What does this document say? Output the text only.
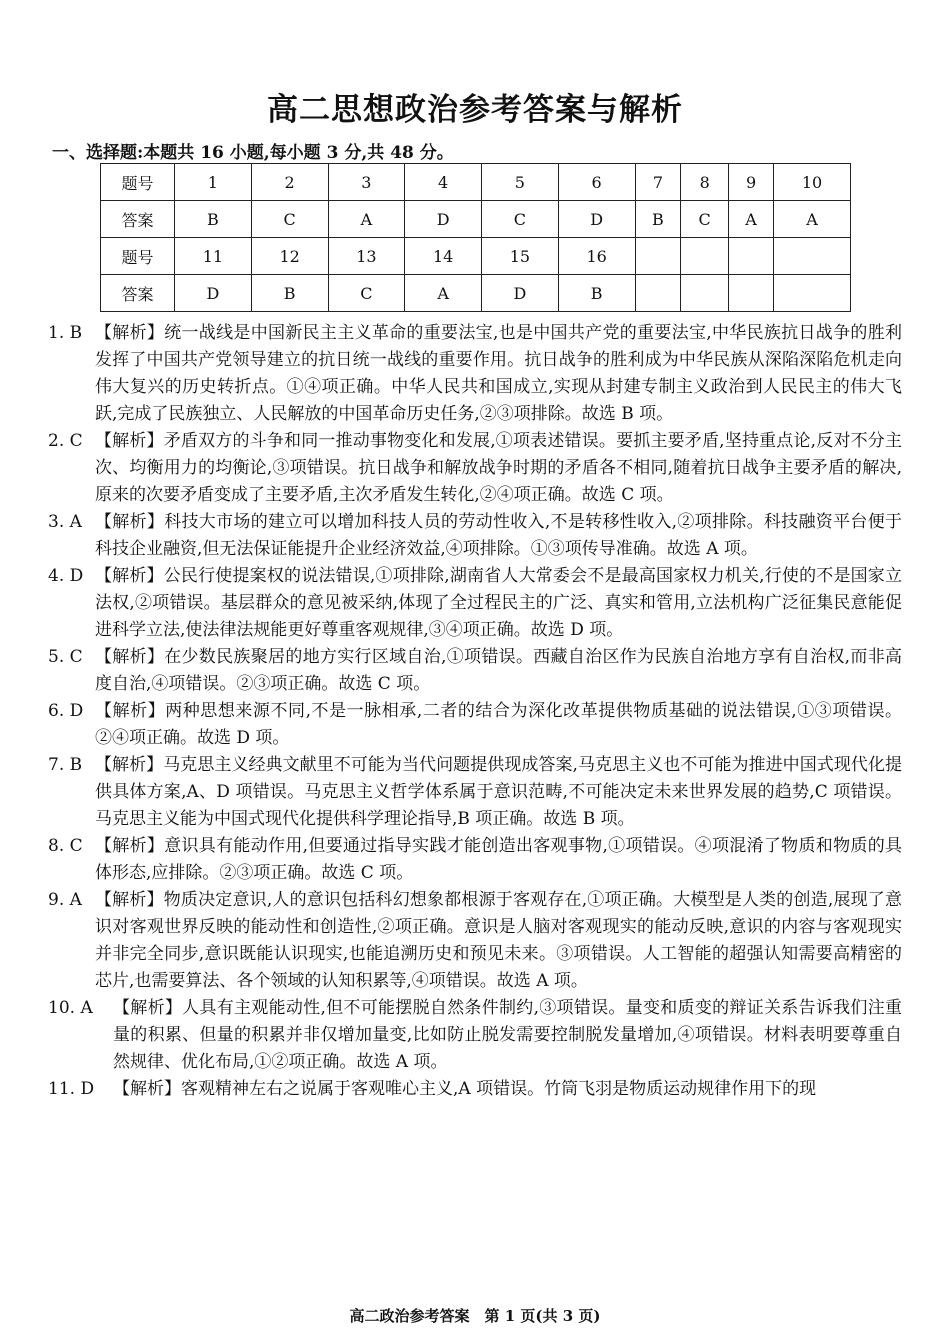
高二思想政治参考答案与解析
一、选择题:本题共 16 小题,每小题 3 分,共 48 分。
题号	1	2	3	4	5	6	7	8	9	10
答案	B	C	A	D	C	D	B	C	A	A
题号	11	12	13	14	15	16				
答案	D	B	C	A	D	B				
1. B 【解析】统一战线是中国新民主主义革命的重要法宝,也是中国共产党的重要法宝,中华民族抗日战争的胜利发挥了中国共产党领导建立的抗日统一战线的重要作用。抗日战争的胜利成为中华民族从深陷深陷危机走向伟大复兴的历史转折点。①④项正确。中华人民共和国成立,实现从封建专制主义政治到人民民主的伟大飞跃,完成了民族独立、人民解放的中国革命历史任务,②③项排除。故选 B 项。
2. C 【解析】矛盾双方的斗争和同一推动事物变化和发展,①项表述错误。要抓主要矛盾,坚持重点论,反对不分主次、均衡用力的均衡论,③项错误。抗日战争和解放战争时期的矛盾各不相同,随着抗日战争主要矛盾的解决,原来的次要矛盾变成了主要矛盾,主次矛盾发生转化,②④项正确。故选 C 项。
3. A 【解析】科技大市场的建立可以增加科技人员的劳动性收入,不是转移性收入,②项排除。科技融资平台便于科技企业融资,但无法保证能提升企业经济效益,④项排除。①③项传导准确。故选 A 项。
4. D 【解析】公民行使提案权的说法错误,①项排除,湖南省人大常委会不是最高国家权力机关,行使的不是国家立法权,②项错误。基层群众的意见被采纳,体现了全过程民主的广泛、真实和管用,立法机构广泛征集民意能促进科学立法,使法律法规能更好尊重客观规律,③④项正确。故选 D 项。
5. C 【解析】在少数民族聚居的地方实行区域自治,①项错误。西藏自治区作为民族自治地方享有自治权,而非高度自治,④项错误。②③项正确。故选 C 项。
6. D 【解析】两种思想来源不同,不是一脉相承,二者的结合为深化改革提供物质基础的说法错误,①③项错误。②④项正确。故选 D 项。
7. B 【解析】马克思主义经典文献里不可能为当代问题提供现成答案,马克思主义也不可能为推进中国式现代化提供具体方案,A、D 项错误。马克思主义哲学体系属于意识范畴,不可能决定未来世界发展的趋势,C 项错误。马克思主义能为中国式现代化提供科学理论指导,B 项正确。故选 B 项。
8. C 【解析】意识具有能动作用,但要通过指导实践才能创造出客观事物,①项错误。④项混淆了物质和物质的具体形态,应排除。②③项正确。故选 C 项。
9. A 【解析】物质决定意识,人的意识包括科幻想象都根源于客观存在,①项正确。大模型是人类的创造,展现了意识对客观世界反映的能动性和创造性,②项正确。意识是人脑对客观现实的能动反映,意识的内容与客观现实并非完全同步,意识既能认识现实,也能追溯历史和预见未来。③项错误。人工智能的超强认知需要高精密的芯片,也需要算法、各个领域的认知积累等,④项错误。故选 A 项。
10. A 【解析】人具有主观能动性,但不可能摆脱自然条件制约,③项错误。量变和质变的辩证关系告诉我们注重量的积累、但量的积累并非仅增加量变,比如防止脱发需要控制脱发量增加,④项错误。材料表明要尊重自然规律、优化布局,①②项正确。故选 A 项。
11. D 【解析】客观精神左右之说属于客观唯心主义,A 项错误。竹筒飞羽是物质运动规律作用下的现
高二政治参考答案　第 1 页(共 3 页)
